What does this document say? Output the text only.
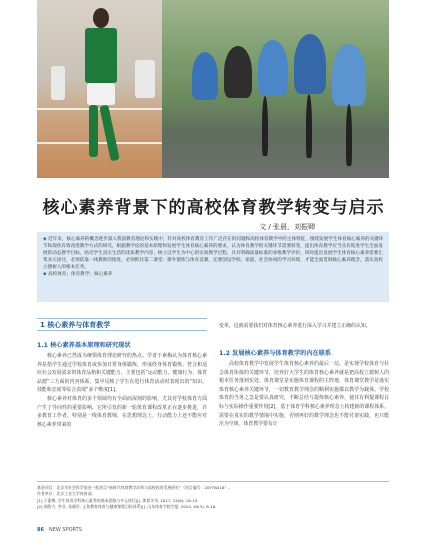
核心素养背景下的高校体育教学转变与启示
文 / 张晨，刘振卿
◆ 近年来，核心素养的概念逐步深入我国教育理论和实践中，针对高校体育教育工作广泛存在的问题和高校体育教学中的主体特征，围绕发展学生体育核心素养的关键环节和现状有效改进教学方式的研究，根据教学论的基本原理和发展学生体育核心素养的要求，认为体育教学的关键环节需要转变，提出体育教学应当具有促进学生全面发展的动态教学目标、贴近学生真实生活的优质教学内容、树立以学生为中心的实效教学过程，具有明确质量标准的多维教学评价，同时提出发展学生体育核心素养需要汇集多元途径，必须依靠一线教师的推进，必须抓住第二课堂：课外锻炼与体育竞赛，还要创设学校、家庭、社会协同的学习环境，才能全面贯彻核心素养理念，落实高校立德树人的根本任务。
◆ 高校体育；体育教学；核心素养
1 核心素养与体育教学
1.1 核心素养基本原理和研究现状

核心素养已然成为统领体育理论研究的热点。学者于素梅认为体育核心素养是指学生通过学校体育或参加日常身体锻炼，形成终身体育锻炼、符合和适应社会发展需求的体育品格和关键能力，主要包括“运动能力、健康行为、体育品德”三方面的内容体系，集中反映了学生在进行体育活动时表现出的“知识、技能和态度等综合表现”多个维度[1]。

核心素养对体育的多个领域均有全面而深刻的影响，尤其对学校体育方面产生了导向性的重要影响，它所引发的新一轮体育课程改革正在逐步推进，许多教育工作者、特别是一线体育教师，在思想理念上，行动能力上还不能应对核心素养带来的

变革，这就需要我们对体育核心素养进行深入学习并建立正确的认知。

1.2 发展核心素养与体育教学的内在联系

高校体育教学中发展学生体育核心素养的最后一站，是实现学校体育与社会体育衔接的关键环节，培养好大学生的体育核心素养就是把高校立德树人的根本任务落到实处。体育课堂是实施体育课程的主阵地，体育课堂教学是落实体育核心素养关键环节，一切教育教学理念的顺利实施都以教学为载体。学校体育的当务之急是要认真研究，不断总结与提炼核心素养，使其有利提课程目标与实际操作重要作用[2]，基于体育学科核心素养理念上构建新的课程体系，需要在真实的教学情境中实施，否则再好的教学理念也不能付诸实践，也只能沦为空谈。体育教学要有计

基金项目：北京市社会科学基金一般项目“新时代体育教学改革与高校体育发展研究”（项目编号：20YTB018）。
作者单位：北京工业大学体育部。
[1] 于素梅. 学生体育学科核心素养的基本思路与多元途径[J]. 体育学刊, 2017, 24(6): 16-19.
[2] 闻智力, 李亚, 张晓军. 义务教育体育与健康课程目标体系[J]. 山东体育学院学报, 2024, 40(3): 8-16.
86 NEW SPORTS
